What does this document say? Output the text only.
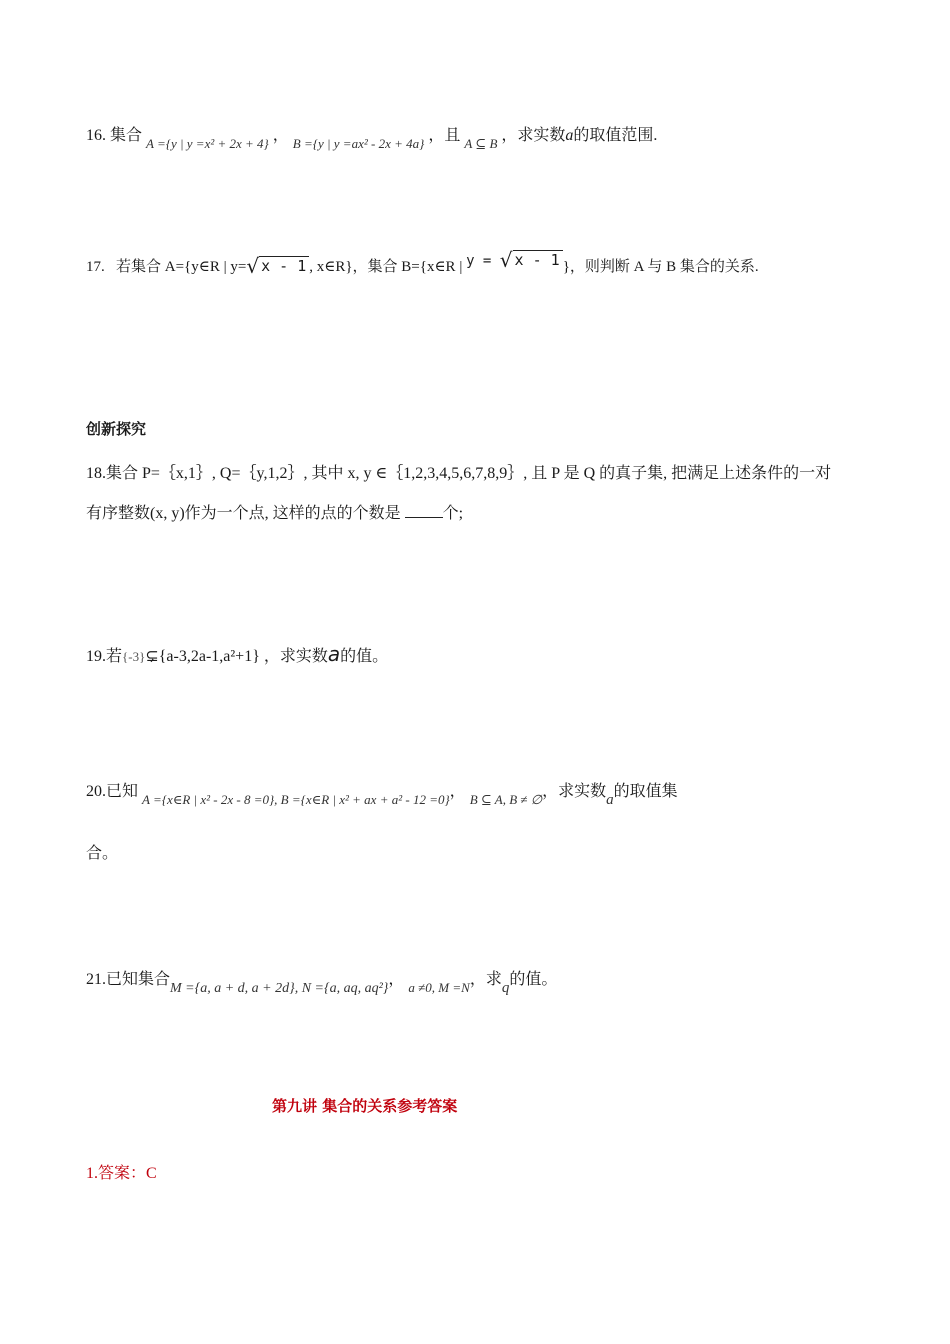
16. 集合 $_{A =\{y | y =x^2 + 2x + 4\}}$ ， $_{B =\{y | y =ax^2 - 2x + 4a\}}$ ，且 $_{A ⊆ B}$ ，求实数a的取值范围.
17. 若集合 A={y∈R | y=√ x - 1 , x∈R}，集合 B={x∈R | y = √ x - 1 }，则判断 A 与 B 集合的关系.
创新探究
18.集合 P=｛x,1｝, Q=｛y,1,2｝, 其中 x, y ∈｛1,2,3,4,5,6,7,8,9｝, 且 P 是 Q 的真子集, 把满足上述条件的一对
有序整数(x, y)作为一个点, 这样的点的个数是	个;
19.若{-3}⊊{a-3,2a-1,a²+1} ，求实数a的值。
20.已知 $_{A =\{x\in R | x^2 - 2x - 8 =0\}, B =\{x\in R | x^2 + ax + a^2 - 12 =0\}}$， $_{B ⊆ A, B \ne \emptyset}$，求实数a的取值集
合。
21.已知集合M ={a, a + d, a + 2d}, N ={a, aq, aq²}， $_{a \ne 0, M =N}$，求q的值。
第九讲 集合的关系参考答案
1.答案：C
